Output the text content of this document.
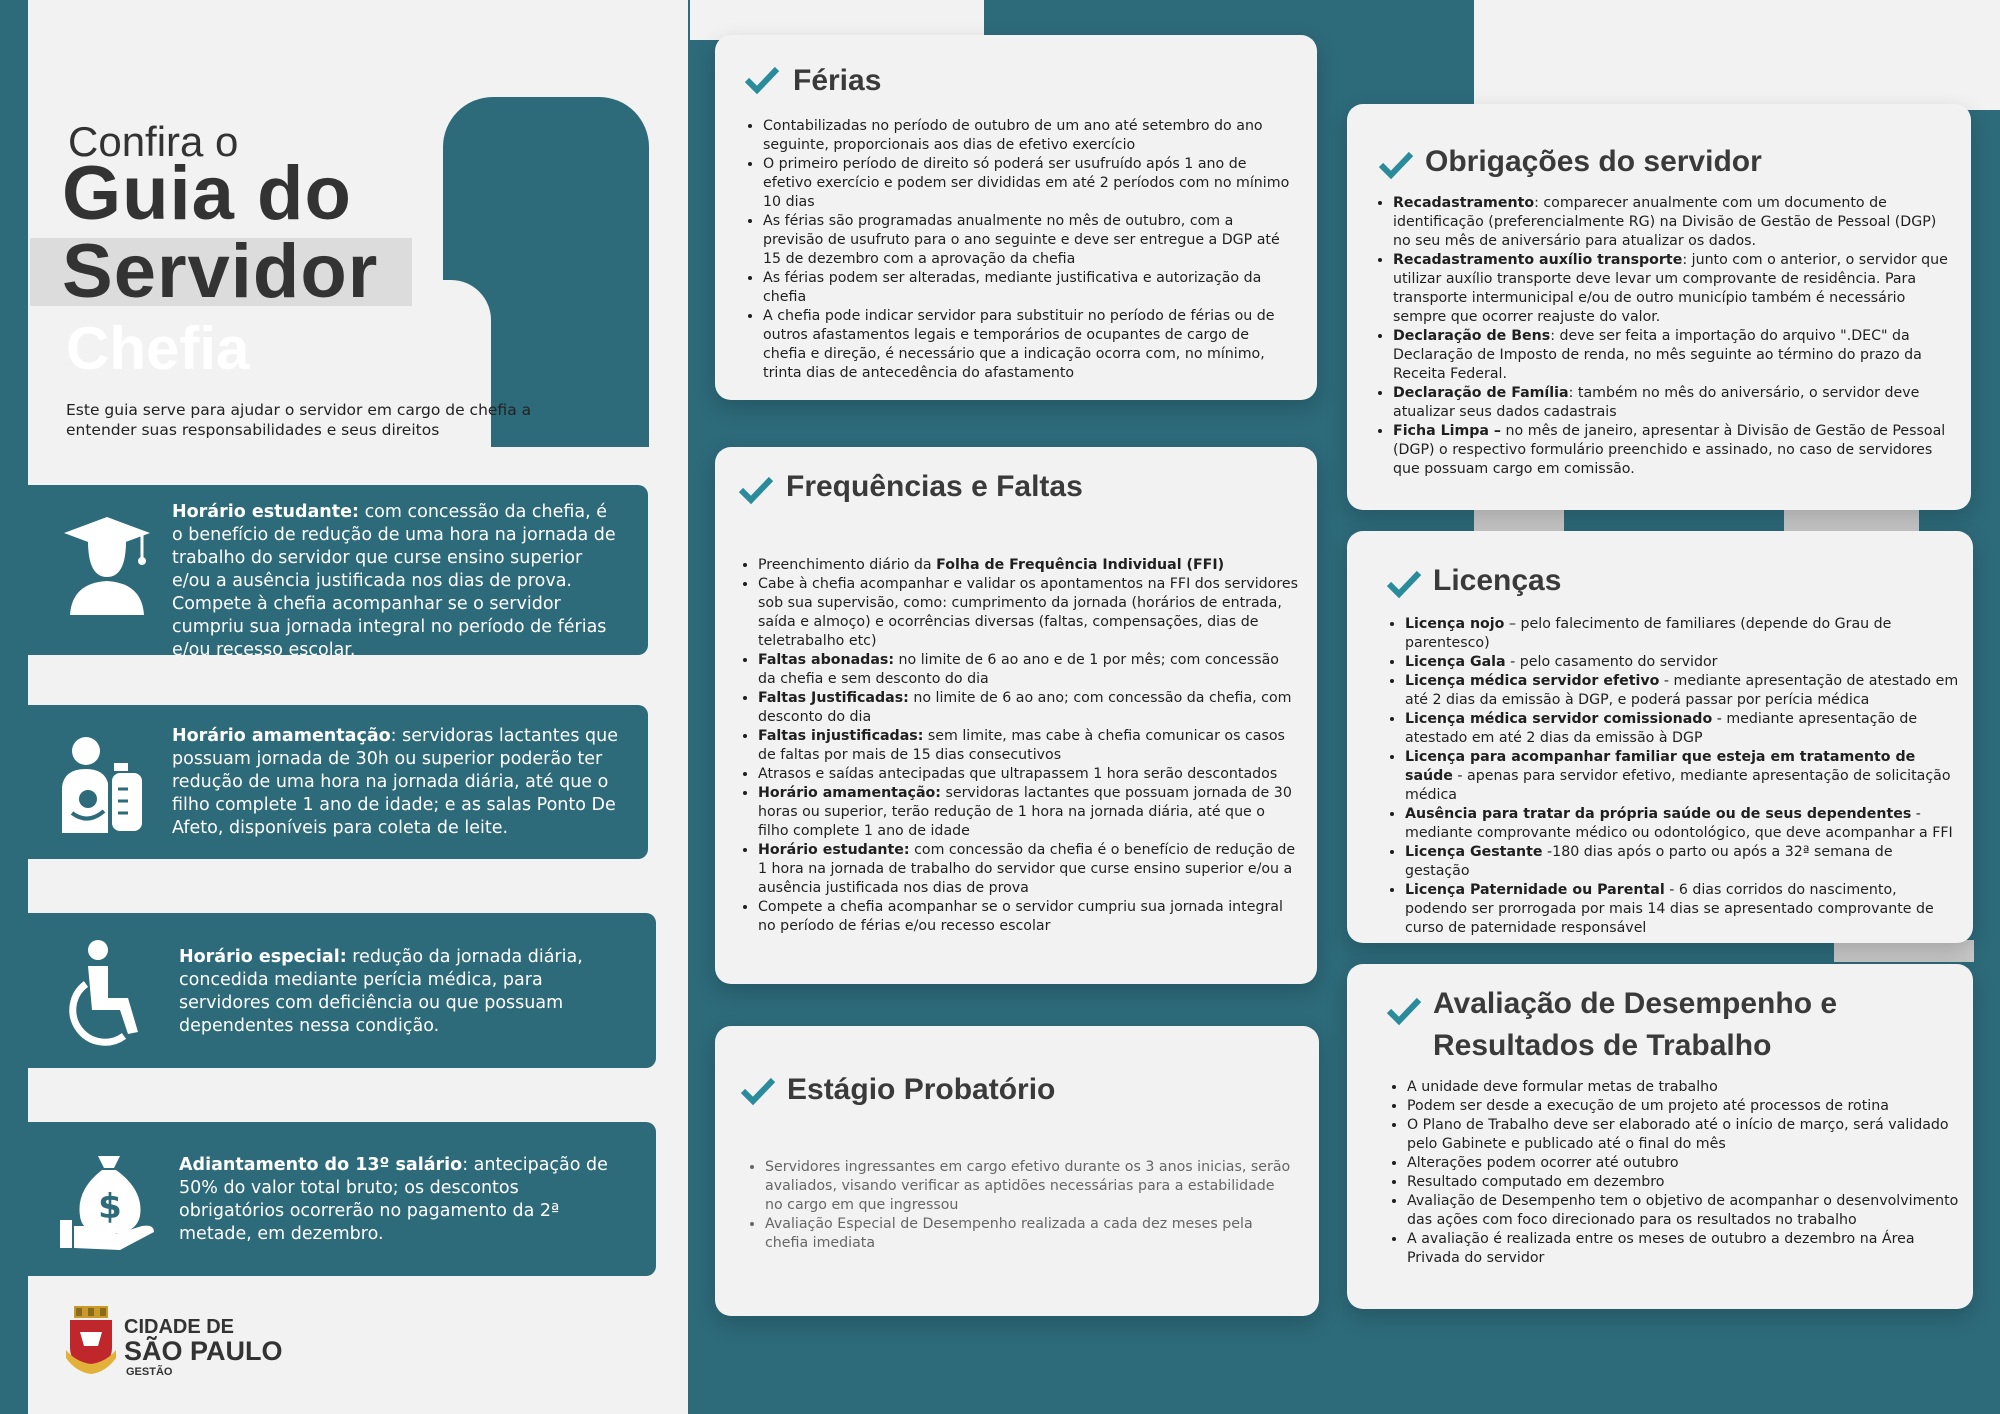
Confira o
Guia do
Servidor
Chefia
Este guia serve para ajudar o servidor em cargo de chefia a entender suas responsabilidades e seus direitos
Horário estudante: com concessão da chefia, é o benefício de redução de uma hora na jornada de trabalho do servidor que curse ensino superior e/ou a ausência justificada nos dias de prova. Compete à chefia acompanhar se o servidor cumpriu sua jornada integral no período de férias e/ou recesso escolar.
Horário amamentação: servidoras lactantes que possuam jornada de 30h ou superior poderão ter redução de uma hora na jornada diária, até que o filho complete 1 ano de idade; e as salas Ponto De Afeto, disponíveis para coleta de leite.
Horário especial: redução da jornada diária, concedida mediante perícia médica, para servidores com deficiência ou que possuam dependentes nessa condição.
$
Adiantamento do 13º salário: antecipação de 50% do valor total bruto; os descontos obrigatórios ocorrerão no pagamento da 2ª metade, em dezembro.
Férias
• Contabilizadas no período de outubro de um ano até setembro do ano seguinte, proporcionais aos dias de efetivo exercício
• O primeiro período de direito só poderá ser usufruído após 1 ano de efetivo exercício e podem ser divididas em até 2 períodos com no mínimo 10 dias
• As férias são programadas anualmente no mês de outubro, com a previsão de usufruto para o ano seguinte e deve ser entregue a DGP até 15 de dezembro com a aprovação da chefia
• As férias podem ser alteradas, mediante justificativa e autorização da chefia
• A chefia pode indicar servidor para substituir no período de férias ou de outros afastamentos legais e temporários de ocupantes de cargo de chefia e direção, é necessário que a indicação ocorra com, no mínimo, trinta dias de antecedência do afastamento
Frequências e Faltas
• Preenchimento diário da Folha de Frequência Individual (FFI)
• Cabe à chefia acompanhar e validar os apontamentos na FFI dos servidores sob sua supervisão, como: cumprimento da jornada (horários de entrada, saída e almoço) e ocorrências diversas (faltas, compensações, dias de teletrabalho etc)
• Faltas abonadas: no limite de 6 ao ano e de 1 por mês; com concessão da chefia e sem desconto do dia
• Faltas Justificadas: no limite de 6 ao ano; com concessão da chefia, com desconto do dia
• Faltas injustificadas: sem limite, mas cabe à chefia comunicar os casos de faltas por mais de 15 dias consecutivos
• Atrasos e saídas antecipadas que ultrapassem 1 hora serão descontados
• Horário amamentação: servidoras lactantes que possuam jornada de 30 horas ou superior, terão redução de 1 hora na jornada diária, até que o filho complete 1 ano de idade
• Horário estudante: com concessão da chefia é o benefício de redução de 1 hora na jornada de trabalho do servidor que curse ensino superior e/ou a ausência justificada nos dias de prova
• Compete a chefia acompanhar se o servidor cumpriu sua jornada integral no período de férias e/ou recesso escolar
Estágio Probatório
• Servidores ingressantes em cargo efetivo durante os 3 anos inicias, serão avaliados, visando verificar as aptidões necessárias para a estabilidade no cargo em que ingressou
• Avaliação Especial de Desempenho realizada a cada dez meses pela chefia imediata
Obrigações do servidor
• Recadastramento: comparecer anualmente com um documento de identificação (preferencialmente RG) na Divisão de Gestão de Pessoal (DGP) no seu mês de aniversário para atualizar os dados.
• Recadastramento auxílio transporte: junto com o anterior, o servidor que utilizar auxílio transporte deve levar um comprovante de residência. Para transporte intermunicipal e/ou de outro município também é necessário sempre que ocorrer reajuste do valor.
• Declaração de Bens: deve ser feita a importação do arquivo ".DEC" da Declaração de Imposto de renda, no mês seguinte ao término do prazo da Receita Federal.
• Declaração de Família: também no mês do aniversário, o servidor deve atualizar seus dados cadastrais
• Ficha Limpa – no mês de janeiro, apresentar à Divisão de Gestão de Pessoal (DGP) o respectivo formulário preenchido e assinado, no caso de servidores que possuam cargo em comissão.
Licenças
• Licença nojo – pelo falecimento de familiares (depende do Grau de parentesco)
• Licença Gala - pelo casamento do servidor
• Licença médica servidor efetivo - mediante apresentação de atestado em até 2 dias da emissão à DGP, e poderá passar por perícia médica
• Licença médica servidor comissionado - mediante apresentação de atestado em até 2 dias da emissão à DGP
• Licença para acompanhar familiar que esteja em tratamento de saúde - apenas para servidor efetivo, mediante apresentação de solicitação médica
• Ausência para tratar da própria saúde ou de seus dependentes - mediante comprovante médico ou odontológico, que deve acompanhar a FFI
• Licença Gestante -180 dias após o parto ou após a 32ª semana de gestação
• Licença Paternidade ou Parental - 6 dias corridos do nascimento, podendo ser prorrogada por mais 14 dias se apresentado comprovante de curso de paternidade responsável
Avaliação de Desempenho e
Resultados de Trabalho
• A unidade deve formular metas de trabalho
• Podem ser desde a execução de um projeto até processos de rotina
• O Plano de Trabalho deve ser elaborado até o início de março, será validado pelo Gabinete e publicado até o final do mês
• Alterações podem ocorrer até outubro
• Resultado computado em dezembro
• Avaliação de Desempenho tem o objetivo de acompanhar o desenvolvimento das ações com foco direcionado para os resultados no trabalho
• A avaliação é realizada entre os meses de outubro a dezembro na Área Privada do servidor
CIDADE DE
SÃO PAULO
GESTÃO
